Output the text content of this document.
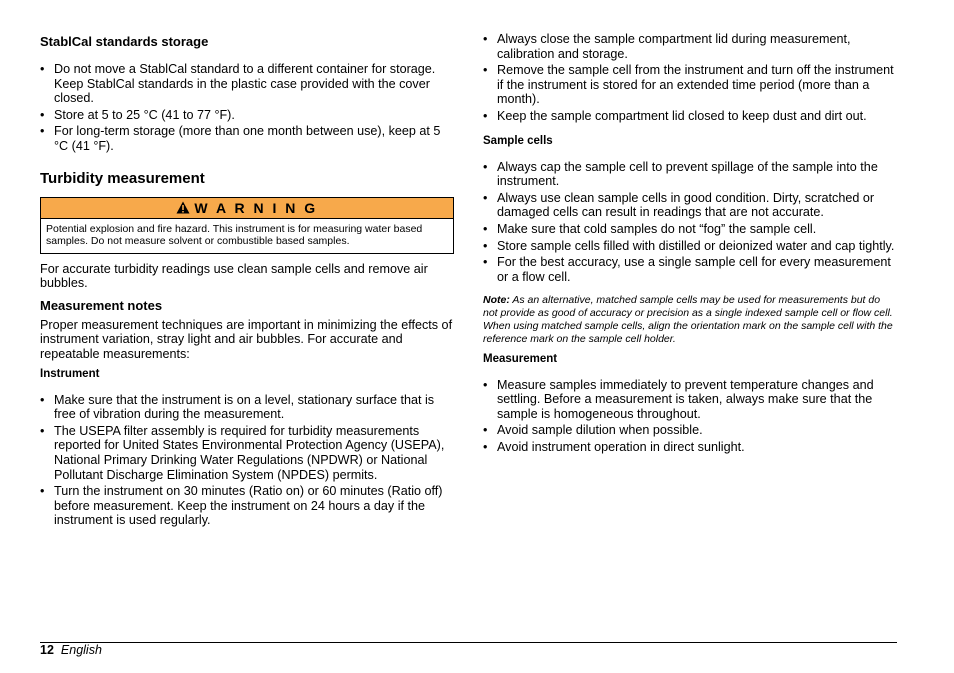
StablCal standards storage
• Do not move a StablCal standard to a different container for storage. Keep StablCal standards in the plastic case provided with the cover closed.
• Store at 5 to 25 °C (41 to 77 °F).
• For long-term storage (more than one month between use), keep at 5 °C (41 °F).
Turbidity measurement
W A R N I N G
Potential explosion and fire hazard. This instrument is for measuring water based samples. Do not measure solvent or combustible based samples.

For accurate turbidity readings use clean sample cells and remove air bubbles.

Measurement notes

Proper measurement techniques are important in minimizing the effects of instrument variation, stray light and air bubbles. For accurate and repeatable measurements:

Instrument
• Make sure that the instrument is on a level, stationary surface that is free of vibration during the measurement.
• The USEPA filter assembly is required for turbidity measurements reported for United States Environmental Protection Agency (USEPA), National Primary Drinking Water Regulations (NPDWR) or National Pollutant Discharge Elimination System (NPDES) permits.
• Turn the instrument on 30 minutes (Ratio on) or 60 minutes (Ratio off) before measurement. Keep the instrument on 24 hours a day if the instrument is used regularly.
• Always close the sample compartment lid during measurement, calibration and storage.
• Remove the sample cell from the instrument and turn off the instrument if the instrument is stored for an extended time period (more than a month).
• Keep the sample compartment lid closed to keep dust and dirt out.
Sample cells
• Always cap the sample cell to prevent spillage of the sample into the instrument.
• Always use clean sample cells in good condition. Dirty, scratched or damaged cells can result in readings that are not accurate.
• Make sure that cold samples do not “fog” the sample cell.
• Store sample cells filled with distilled or deionized water and cap tightly.
• For the best accuracy, use a single sample cell for every measurement or a flow cell.

Note: As an alternative, matched sample cells may be used for measurements but do not provide as good of accuracy or precision as a single indexed sample cell or flow cell. When using matched sample cells, align the orientation mark on the sample cell with the reference mark on the sample cell holder.

Measurement
• Measure samples immediately to prevent temperature changes and settling. Before a measurement is taken, always make sure that the sample is homogeneous throughout.
• Avoid sample dilution when possible.
• Avoid instrument operation in direct sunlight.
12 English
